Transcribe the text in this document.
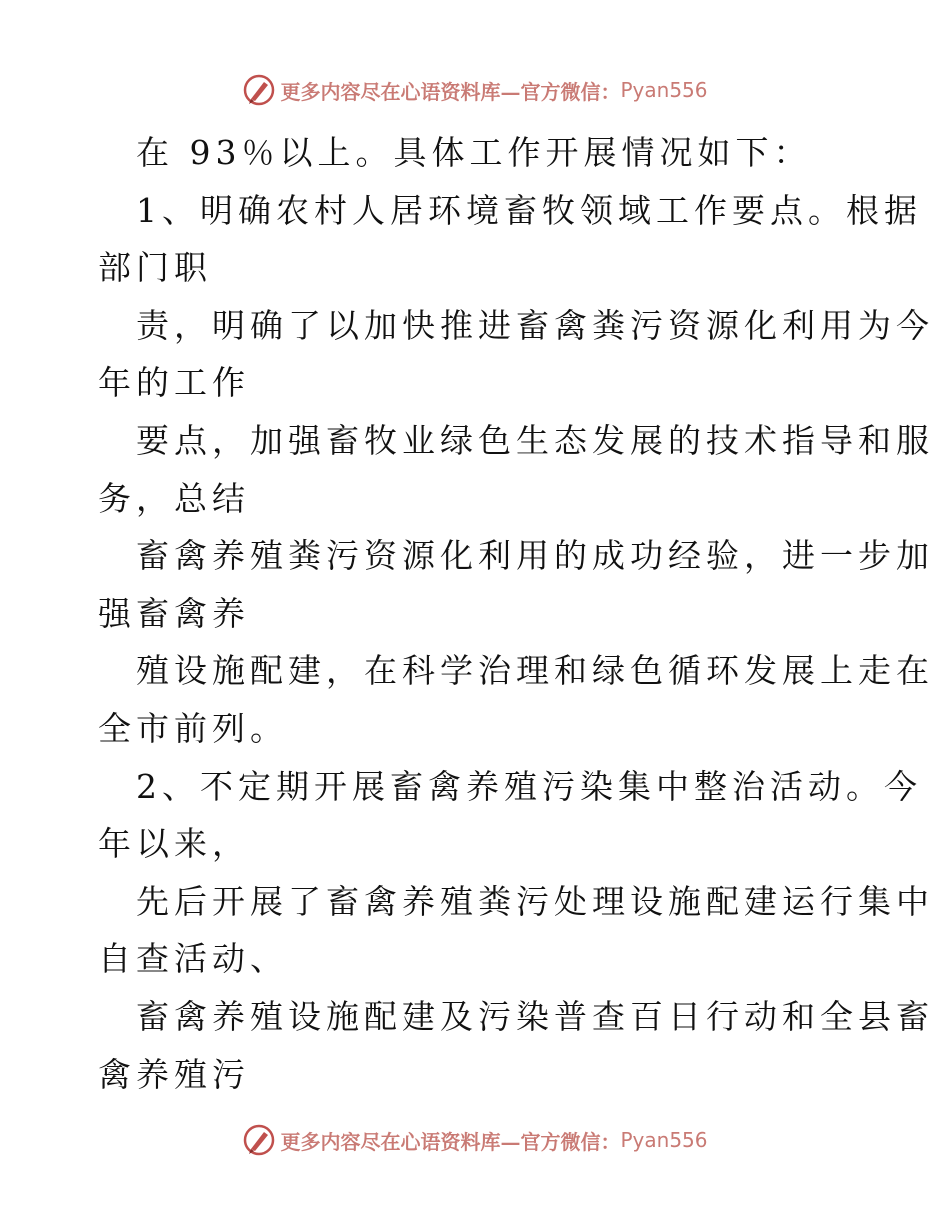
更多内容尽在心语资料库—官方微信： Pyan556
在 93％以上。具体工作开展情况如下：
1、明确农村人居环境畜牧领域工作要点。根据
部门职
责，明确了以加快推进畜禽粪污资源化利用为今
年的工作
要点，加强畜牧业绿色生态发展的技术指导和服
务，总结
畜禽养殖粪污资源化利用的成功经验，进一步加
强畜禽养
殖设施配建，在科学治理和绿色循环发展上走在
全市前列。
2、不定期开展畜禽养殖污染集中整治活动。今
年以来，
先后开展了畜禽养殖粪污处理设施配建运行集中
自查活动、
畜禽养殖设施配建及污染普查百日行动和全县畜
禽养殖污
更多内容尽在心语资料库—官方微信： Pyan556
